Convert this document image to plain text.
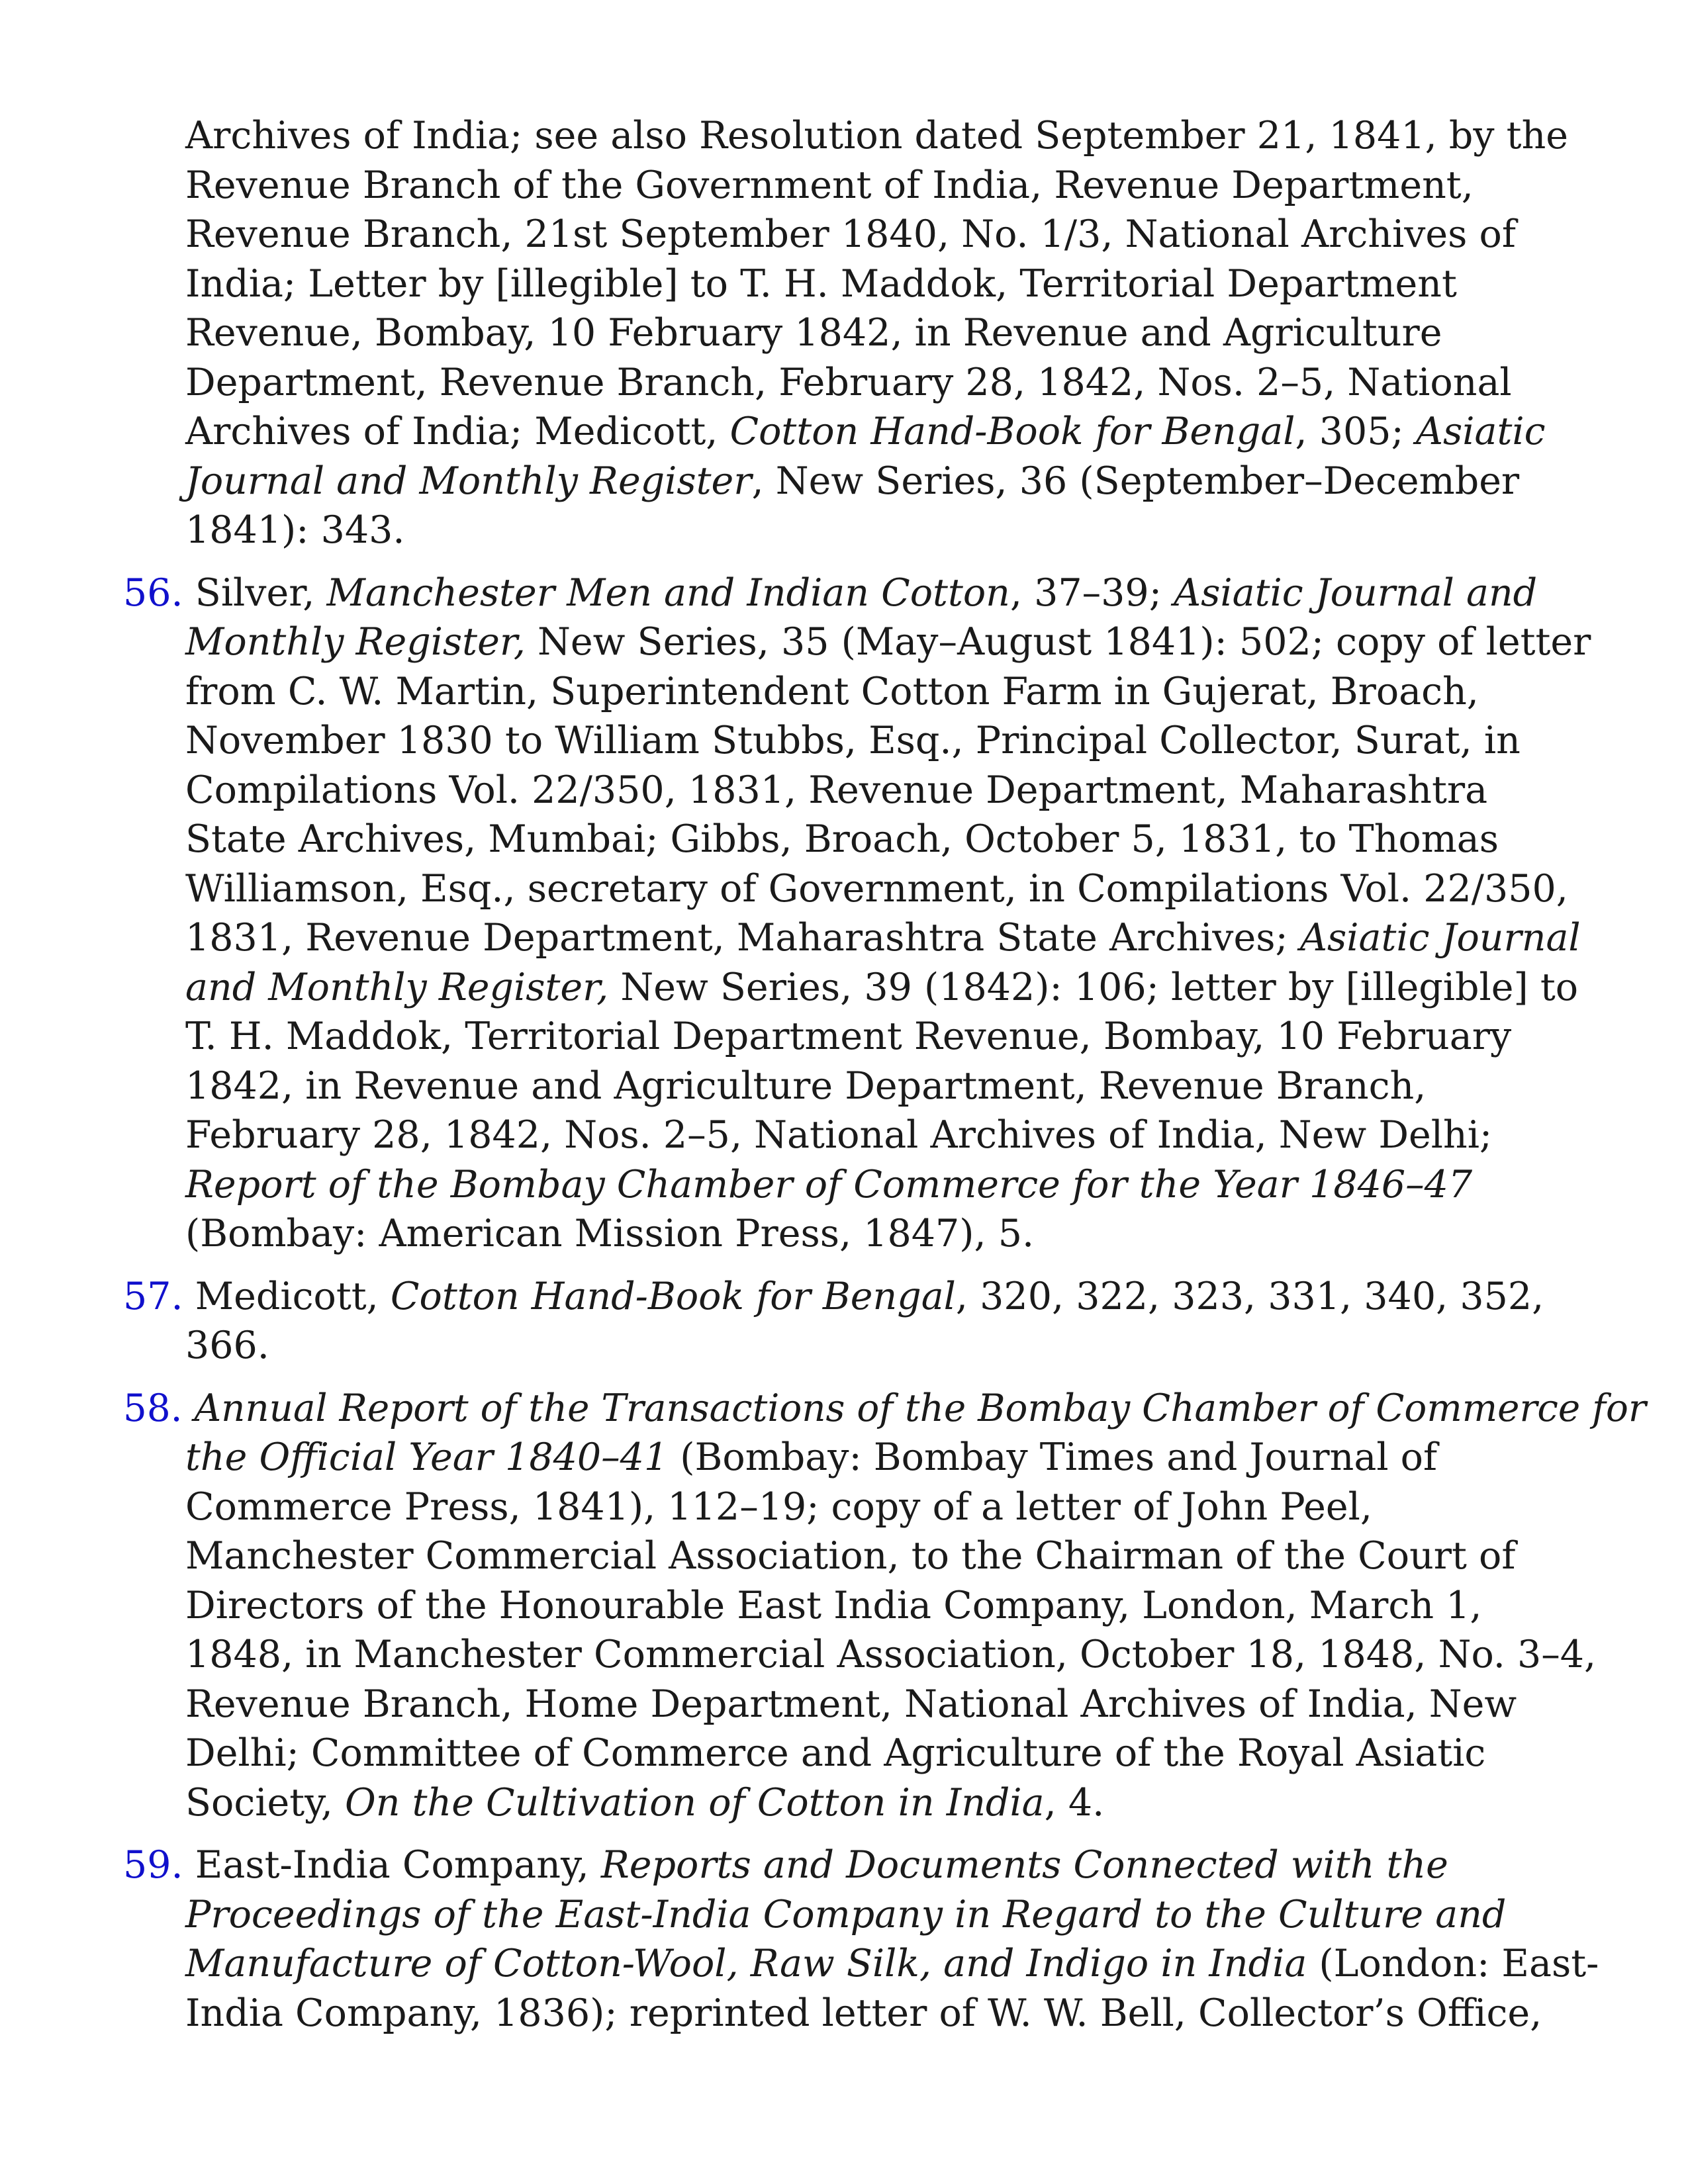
Archives of India; see also Resolution dated September 21, 1841, by the
Revenue Branch of the Government of India, Revenue Department,
Revenue Branch, 21st September 1840, No. 1/3, National Archives of
India; Letter by [illegible] to T. H. Maddok, Territorial Department
Revenue, Bombay, 10 February 1842, in Revenue and Agriculture
Department, Revenue Branch, February 28, 1842, Nos. 2–5, National
Archives of India; Medicott, Cotton Hand-Book for Bengal, 305; Asiatic
Journal and Monthly Register, New Series, 36 (September–December
1841): 343.
56. Silver, Manchester Men and Indian Cotton, 37–39; Asiatic Journal and
Monthly Register, New Series, 35 (May–August 1841): 502; copy of letter
from C. W. Martin, Superintendent Cotton Farm in Gujerat, Broach,
November 1830 to William Stubbs, Esq., Principal Collector, Surat, in
Compilations Vol. 22/350, 1831, Revenue Department, Maharashtra
State Archives, Mumbai; Gibbs, Broach, October 5, 1831, to Thomas
Williamson, Esq., secretary of Government, in Compilations Vol. 22/350,
1831, Revenue Department, Maharashtra State Archives; Asiatic Journal
and Monthly Register, New Series, 39 (1842): 106; letter by [illegible] to
T. H. Maddok, Territorial Department Revenue, Bombay, 10 February
1842, in Revenue and Agriculture Department, Revenue Branch,
February 28, 1842, Nos. 2–5, National Archives of India, New Delhi;
Report of the Bombay Chamber of Commerce for the Year 1846–47
(Bombay: American Mission Press, 1847), 5.
57. Medicott, Cotton Hand-Book for Bengal, 320, 322, 323, 331, 340, 352,
366.
58. Annual Report of the Transactions of the Bombay Chamber of Commerce for
the Official Year 1840–41 (Bombay: Bombay Times and Journal of
Commerce Press, 1841), 112–19; copy of a letter of John Peel,
Manchester Commercial Association, to the Chairman of the Court of
Directors of the Honourable East India Company, London, March 1,
1848, in Manchester Commercial Association, October 18, 1848, No. 3–4,
Revenue Branch, Home Department, National Archives of India, New
Delhi; Committee of Commerce and Agriculture of the Royal Asiatic
Society, On the Cultivation of Cotton in India, 4.
59. East-India Company, Reports and Documents Connected with the
Proceedings of the East-India Company in Regard to the Culture and
Manufacture of Cotton-Wool, Raw Silk, and Indigo in India (London: East-
India Company, 1836); reprinted letter of W. W. Bell, Collector’s Office,
